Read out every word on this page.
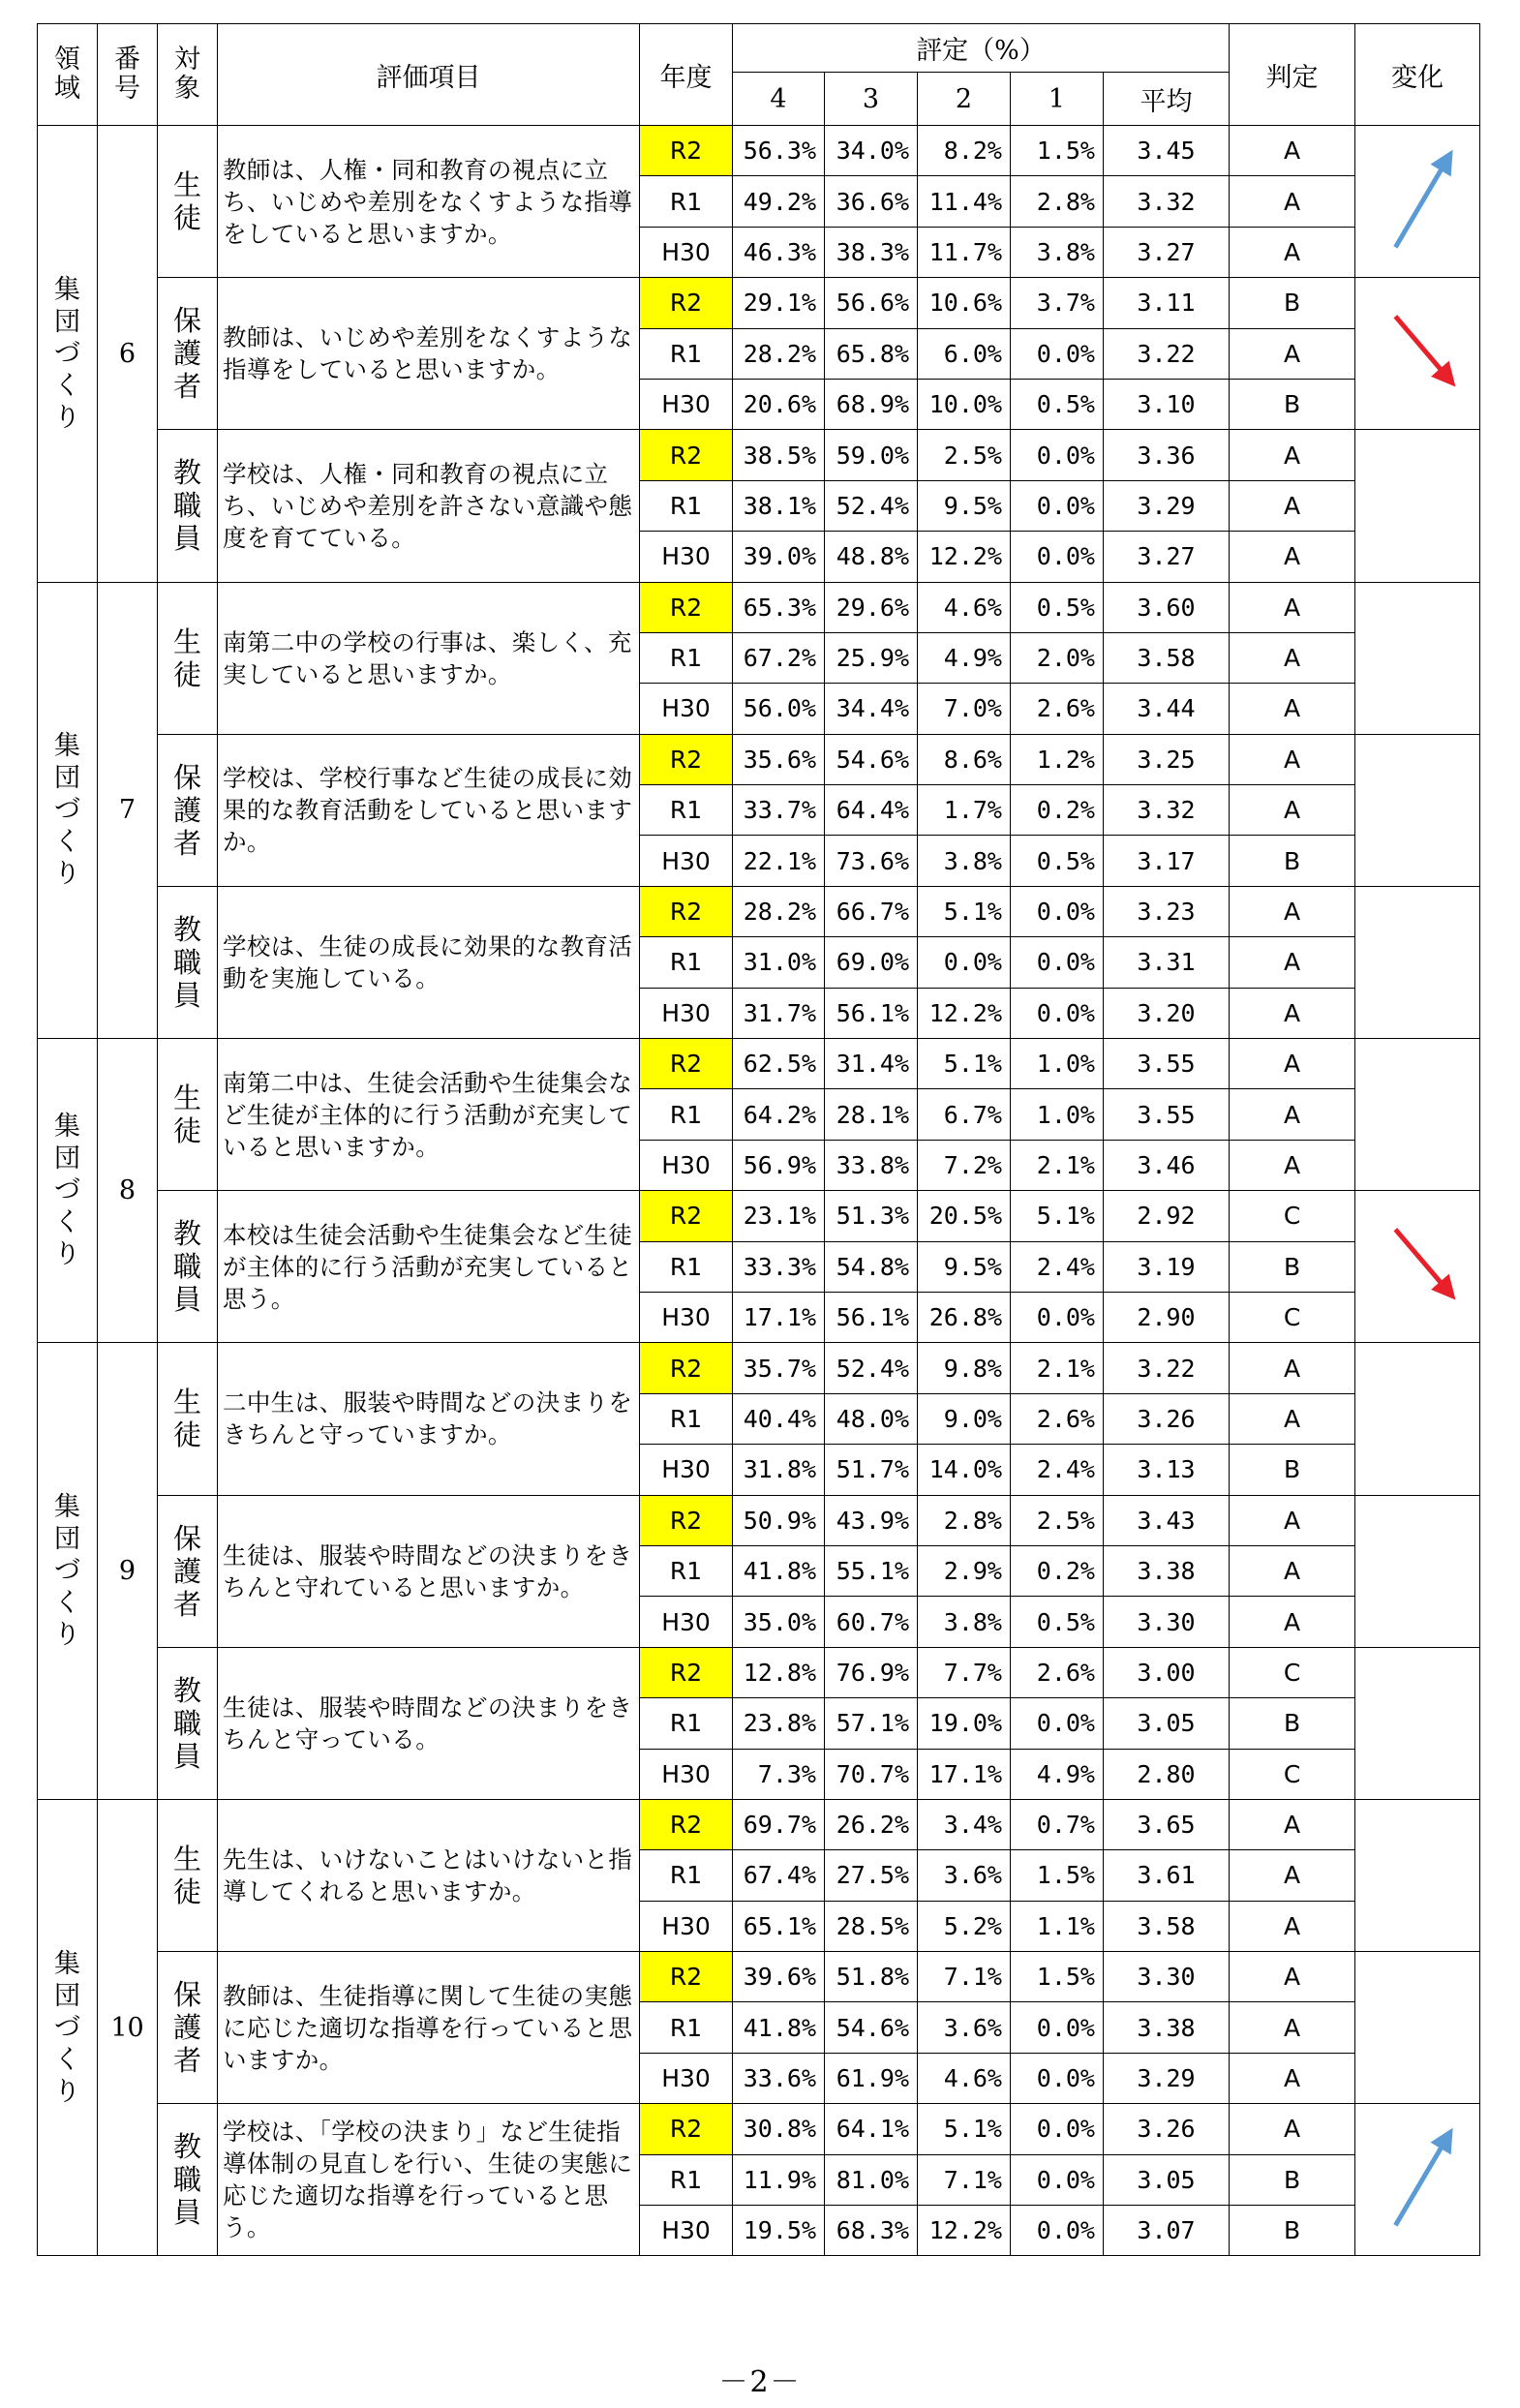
領域	番号	対象	評価項目	年度	評定（%）					判定	変化
					4	3	2	1	平均		

集団づくり	6	生徒	教師は、人権・同和教育の視点に立ち、いじめや差別をなくすような指導をしていると思いますか。	R2	56.3%	34.0%	8.2%	1.5%	3.45	A	

				R1	49.2%	36.6%	11.4%	2.8%	3.32	A	
				H30	46.3%	38.3%	11.7%	3.8%	3.27	A	

		保護者	教師は、いじめや差別をなくすような指導をしていると思いますか。	R2	29.1%	56.6%	10.6%	3.7%	3.11	B	

				R1	28.2%	65.8%	6.0%	0.0%	3.22	A	
				H30	20.6%	68.9%	10.0%	0.5%	3.10	B	

		教職員	学校は、人権・同和教育の視点に立ち、いじめや差別を許さない意識や態度を育てている。	R2	38.5%	59.0%	2.5%	0.0%	3.36	A	
				R1	38.1%	52.4%	9.5%	0.0%	3.29	A	
				H30	39.0%	48.8%	12.2%	0.0%	3.27	A	

集団づくり	7	生徒	南第二中の学校の行事は、楽しく、充実していると思いますか。	R2	65.3%	29.6%	4.6%	0.5%	3.60	A	
				R1	67.2%	25.9%	4.9%	2.0%	3.58	A	
				H30	56.0%	34.4%	7.0%	2.6%	3.44	A	

		保護者	学校は、学校行事など生徒の成長に効果的な教育活動をしていると思いますか。	R2	35.6%	54.6%	8.6%	1.2%	3.25	A	
				R1	33.7%	64.4%	1.7%	0.2%	3.32	A	
				H30	22.1%	73.6%	3.8%	0.5%	3.17	B	

		教職員	学校は、生徒の成長に効果的な教育活動を実施している。	R2	28.2%	66.7%	5.1%	0.0%	3.23	A	
				R1	31.0%	69.0%	0.0%	0.0%	3.31	A	
				H30	31.7%	56.1%	12.2%	0.0%	3.20	A	

集団づくり	8	生徒	南第二中は、生徒会活動や生徒集会など生徒が主体的に行う活動が充実していると思いますか。	R2	62.5%	31.4%	5.1%	1.0%	3.55	A	
				R1	64.2%	28.1%	6.7%	1.0%	3.55	A	
				H30	56.9%	33.8%	7.2%	2.1%	3.46	A	

		教職員	本校は生徒会活動や生徒集会など生徒が主体的に行う活動が充実していると思う。	R2	23.1%	51.3%	20.5%	5.1%	2.92	C	

				R1	33.3%	54.8%	9.5%	2.4%	3.19	B	
				H30	17.1%	56.1%	26.8%	0.0%	2.90	C	

集団づくり	9	生徒	二中生は、服装や時間などの決まりをきちんと守っていますか。	R2	35.7%	52.4%	9.8%	2.1%	3.22	A	
				R1	40.4%	48.0%	9.0%	2.6%	3.26	A	
				H30	31.8%	51.7%	14.0%	2.4%	3.13	B	

		保護者	生徒は、服装や時間などの決まりをきちんと守れていると思いますか。	R2	50.9%	43.9%	2.8%	2.5%	3.43	A	
				R1	41.8%	55.1%	2.9%	0.2%	3.38	A	
				H30	35.0%	60.7%	3.8%	0.5%	3.30	A	

		教職員	生徒は、服装や時間などの決まりをきちんと守っている。	R2	12.8%	76.9%	7.7%	2.6%	3.00	C	
				R1	23.8%	57.1%	19.0%	0.0%	3.05	B	
				H30	7.3%	70.7%	17.1%	4.9%	2.80	C	

集団づくり	10	生徒	先生は、いけないことはいけないと指導してくれると思いますか。	R2	69.7%	26.2%	3.4%	0.7%	3.65	A	
				R1	67.4%	27.5%	3.6%	1.5%	3.61	A	
				H30	65.1%	28.5%	5.2%	1.1%	3.58	A	

		保護者	教師は、生徒指導に関して生徒の実態に応じた適切な指導を行っていると思いますか。	R2	39.6%	51.8%	7.1%	1.5%	3.30	A	
				R1	41.8%	54.6%	3.6%	0.0%	3.38	A	
				H30	33.6%	61.9%	4.6%	0.0%	3.29	A	

		教職員	学校は、「学校の決まり」など生徒指導体制の見直しを行い、生徒の実態に応じた適切な指導を行っていると思う。	R2	30.8%	64.1%	5.1%	0.0%	3.26	A	

				R1	11.9%	81.0%	7.1%	0.0%	3.05	B	
				H30	19.5%	68.3%	12.2%	0.0%	3.07	B	
－2－
